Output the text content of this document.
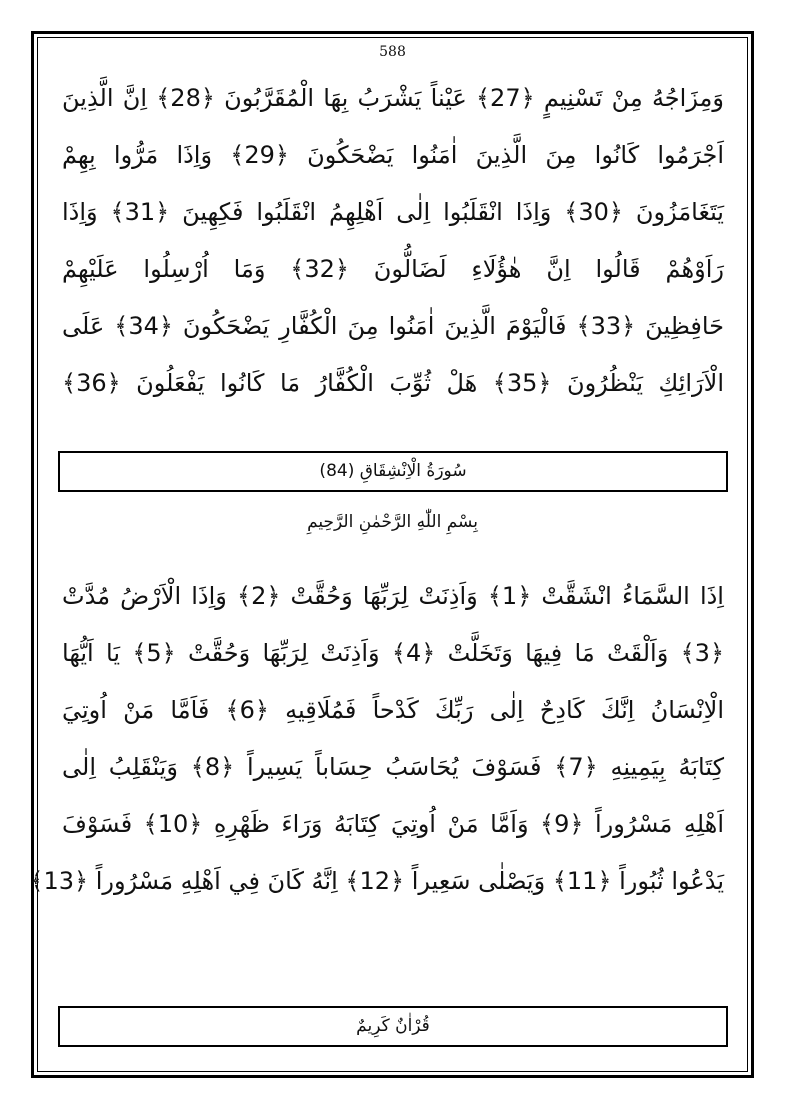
588
وَمِزَاجُهُ مِنْ تَسْنِيمٍ ﴿27﴾ عَيْناً يَشْرَبُ بِهَا الْمُقَرَّبُونَ ﴿28﴾ اِنَّ الَّذِينَ
اَجْرَمُوا كَانُوا مِنَ الَّذِينَ اٰمَنُوا يَضْحَكُونَ ﴿29﴾ وَاِذَا مَرُّوا بِهِمْ
يَتَغَامَزُونَ ﴿30﴾ وَاِذَا انْقَلَبُوا اِلٰى اَهْلِهِمُ انْقَلَبُوا فَكِهِينَ ﴿31﴾ وَاِذَا
رَاَوْهُمْ قَالُوا اِنَّ هٰؤُلَاءِ لَضَالُّونَ ﴿32﴾ وَمَا اُرْسِلُوا عَلَيْهِمْ
حَافِظِينَ ﴿33﴾ فَالْيَوْمَ الَّذِينَ اٰمَنُوا مِنَ الْكُفَّارِ يَضْحَكُونَ ﴿34﴾ عَلَى
الْاَرَائِكِ يَنْظُرُونَ ﴿35﴾ هَلْ ثُوِّبَ الْكُفَّارُ مَا كَانُوا يَفْعَلُونَ ﴿36﴾
سُورَةُ الْاِنْشِقَاقِ (84)
بِسْمِ اللّٰهِ الرَّحْمٰنِ الرَّحِيمِ
اِذَا السَّمَاءُ انْشَقَّتْ ﴿1﴾ وَاَذِنَتْ لِرَبِّهَا وَحُقَّتْ ﴿2﴾ وَاِذَا الْاَرْضُ مُدَّتْ
﴿3﴾ وَاَلْقَتْ مَا فِيهَا وَتَخَلَّتْ ﴿4﴾ وَاَذِنَتْ لِرَبِّهَا وَحُقَّتْ ﴿5﴾ يَا اَيُّهَا
الْاِنْسَانُ اِنَّكَ كَادِحٌ اِلٰى رَبِّكَ كَدْحاً فَمُلَاقِيهِ ﴿6﴾ فَاَمَّا مَنْ اُوتِيَ
كِتَابَهُ بِيَمِينِهِ ﴿7﴾ فَسَوْفَ يُحَاسَبُ حِسَاباً يَسِيراً ﴿8﴾ وَيَنْقَلِبُ اِلٰى
اَهْلِهِ مَسْرُوراً ﴿9﴾ وَاَمَّا مَنْ اُوتِيَ كِتَابَهُ وَرَاءَ ظَهْرِهِ ﴿10﴾ فَسَوْفَ
يَدْعُوا ثُبُوراً ﴿11﴾ وَيَصْلٰى سَعِيراً ﴿12﴾ اِنَّهُ كَانَ فِي اَهْلِهِ مَسْرُوراً ﴿13﴾
قُرْاٰنٌ كَرِيمٌ
